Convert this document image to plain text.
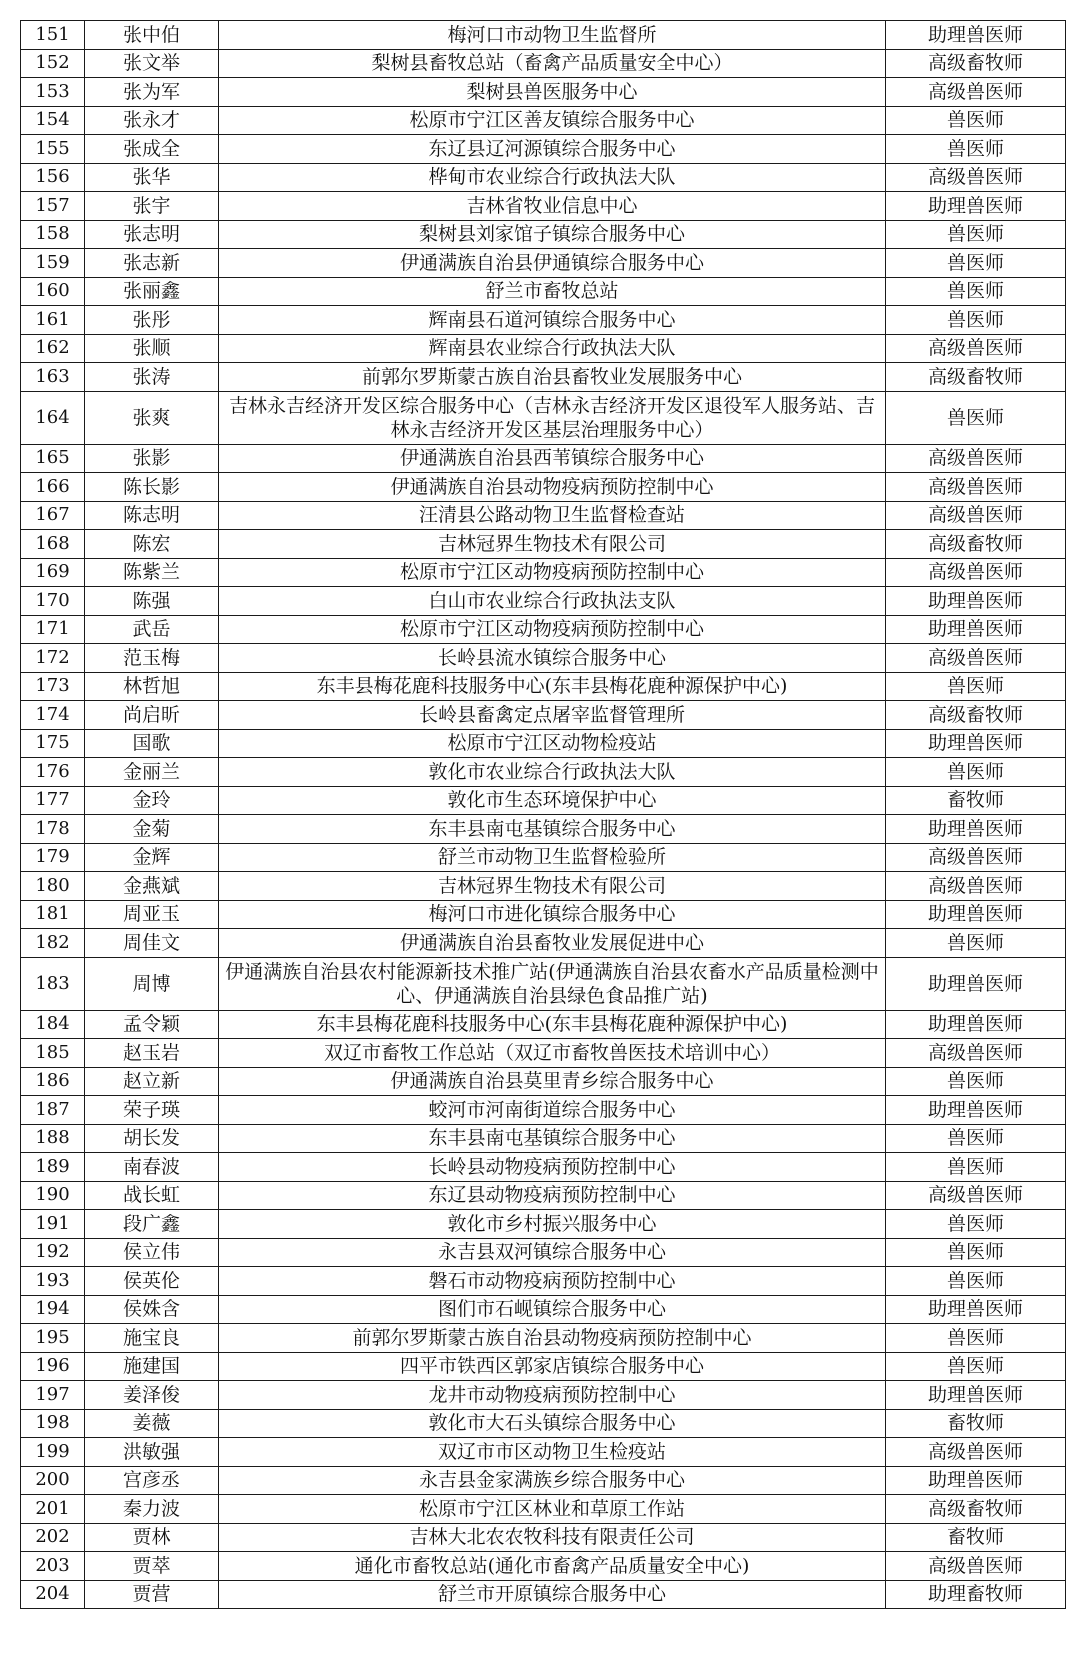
151	张中伯	梅河口市动物卫生监督所	助理兽医师
152	张文举	梨树县畜牧总站（畜禽产品质量安全中心）	高级畜牧师
153	张为军	梨树县兽医服务中心	高级兽医师
154	张永才	松原市宁江区善友镇综合服务中心	兽医师
155	张成全	东辽县辽河源镇综合服务中心	兽医师
156	张华	桦甸市农业综合行政执法大队	高级兽医师
157	张宇	吉林省牧业信息中心	助理兽医师
158	张志明	梨树县刘家馆子镇综合服务中心	兽医师
159	张志新	伊通满族自治县伊通镇综合服务中心	兽医师
160	张丽鑫	舒兰市畜牧总站	兽医师
161	张彤	辉南县石道河镇综合服务中心	兽医师
162	张顺	辉南县农业综合行政执法大队	高级兽医师
163	张涛	前郭尔罗斯蒙古族自治县畜牧业发展服务中心	高级畜牧师
164	张爽	吉林永吉经济开发区综合服务中心（吉林永吉经济开发区退役军人服务站、吉林永吉经济开发区基层治理服务中心）	兽医师
165	张影	伊通满族自治县西苇镇综合服务中心	高级兽医师
166	陈长影	伊通满族自治县动物疫病预防控制中心	高级兽医师
167	陈志明	汪清县公路动物卫生监督检查站	高级兽医师
168	陈宏	吉林冠界生物技术有限公司	高级畜牧师
169	陈紫兰	松原市宁江区动物疫病预防控制中心	高级兽医师
170	陈强	白山市农业综合行政执法支队	助理兽医师
171	武岳	松原市宁江区动物疫病预防控制中心	助理兽医师
172	范玉梅	长岭县流水镇综合服务中心	高级兽医师
173	林哲旭	东丰县梅花鹿科技服务中心(东丰县梅花鹿种源保护中心)	兽医师
174	尚启昕	长岭县畜禽定点屠宰监督管理所	高级畜牧师
175	国歌	松原市宁江区动物检疫站	助理兽医师
176	金丽兰	敦化市农业综合行政执法大队	兽医师
177	金玲	敦化市生态环境保护中心	畜牧师
178	金菊	东丰县南屯基镇综合服务中心	助理兽医师
179	金辉	舒兰市动物卫生监督检验所	高级兽医师
180	金燕斌	吉林冠界生物技术有限公司	高级兽医师
181	周亚玉	梅河口市进化镇综合服务中心	助理兽医师
182	周佳文	伊通满族自治县畜牧业发展促进中心	兽医师
183	周博	伊通满族自治县农村能源新技术推广站(伊通满族自治县农畜水产品质量检测中心、伊通满族自治县绿色食品推广站)	助理兽医师
184	孟令颖	东丰县梅花鹿科技服务中心(东丰县梅花鹿种源保护中心)	助理兽医师
185	赵玉岩	双辽市畜牧工作总站（双辽市畜牧兽医技术培训中心）	高级兽医师
186	赵立新	伊通满族自治县莫里青乡综合服务中心	兽医师
187	荣子瑛	蛟河市河南街道综合服务中心	助理兽医师
188	胡长发	东丰县南屯基镇综合服务中心	兽医师
189	南春波	长岭县动物疫病预防控制中心	兽医师
190	战长虹	东辽县动物疫病预防控制中心	高级兽医师
191	段广鑫	敦化市乡村振兴服务中心	兽医师
192	侯立伟	永吉县双河镇综合服务中心	兽医师
193	侯英伦	磐石市动物疫病预防控制中心	兽医师
194	侯姝含	图们市石岘镇综合服务中心	助理兽医师
195	施宝良	前郭尔罗斯蒙古族自治县动物疫病预防控制中心	兽医师
196	施建国	四平市铁西区郭家店镇综合服务中心	兽医师
197	姜泽俊	龙井市动物疫病预防控制中心	助理兽医师
198	姜薇	敦化市大石头镇综合服务中心	畜牧师
199	洪敏强	双辽市市区动物卫生检疫站	高级兽医师
200	宫彦丞	永吉县金家满族乡综合服务中心	助理兽医师
201	秦力波	松原市宁江区林业和草原工作站	高级畜牧师
202	贾林	吉林大北农农牧科技有限责任公司	畜牧师
203	贾萃	通化市畜牧总站(通化市畜禽产品质量安全中心)	高级兽医师
204	贾营	舒兰市开原镇综合服务中心	助理畜牧师
